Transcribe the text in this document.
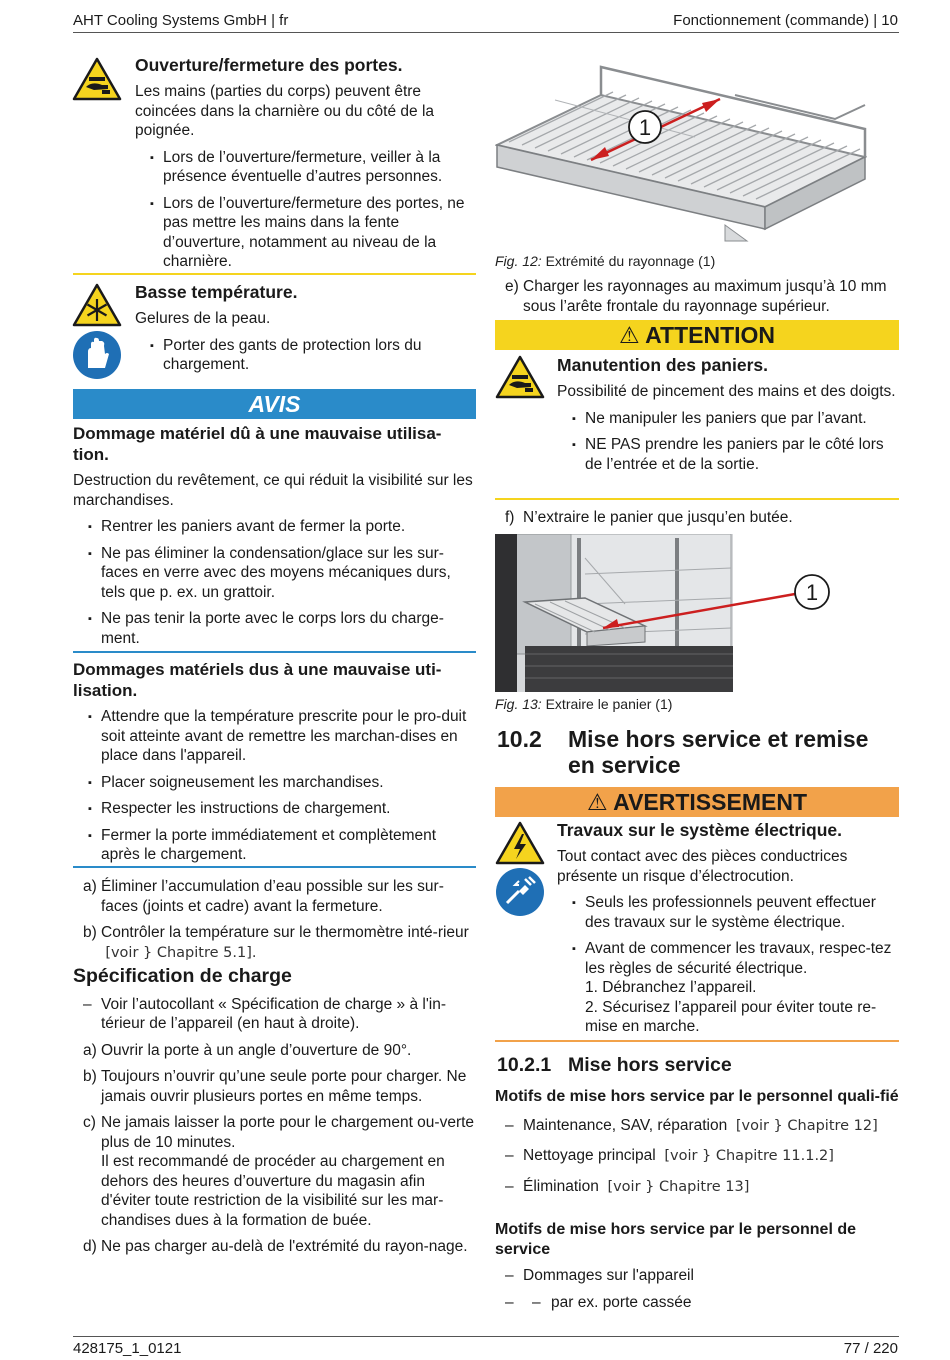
AHT Cooling Systems GmbH | fr	Fonctionnement (commande) | 10
Ouverture/fermeture des portes.

Les mains (parties du corps) peuvent être coincées dans la charnière ou du côté de la poignée.

▪ Lors de l’ouverture/fermeture, veiller à la présence éventuelle d’autres personnes.

▪ Lors de l’ouverture/fermeture des portes, ne pas mettre les mains dans la fente d’ouverture, notamment au niveau de la charnière.

Basse température.

Gelures de la peau.

▪ Porter des gants de protection lors du chargement.

AVIS
Dommage matériel dû à une mauvaise utilisa-tion.

Destruction du revêtement, ce qui réduit la visibilité sur les marchandises.

▪ Rentrer les paniers avant de fermer la porte.

▪ Ne pas éliminer la condensation/glace sur les sur-faces en verre avec des moyens mécaniques durs, tels que p. ex. un grattoir.

▪ Ne pas tenir la porte avec le corps lors du charge-ment.

Dommages matériels dus à une mauvaise uti-lisation.

▪ Attendre que la température prescrite pour le pro-duit soit atteinte avant de remettre les marchan-dises en place dans l'appareil.

▪ Placer soigneusement les marchandises.

▪ Respecter les instructions de chargement.

▪ Fermer la porte immédiatement et complètement après le chargement.

a) Éliminer l’accumulation d’eau possible sur les sur-faces (joints et cadre) avant la fermeture.

b) Contrôler la température sur le thermomètre inté-rieur  [voir } Chapitre 5.1].

Spécification de charge

– Voir l’autocollant « Spécification de charge » à l'in-térieur de l’appareil (en haut à droite).

a) Ouvrir la porte à un angle d’ouverture de 90°.

b) Toujours n’ouvrir qu’une seule porte pour charger. Ne jamais ouvrir plusieurs portes en même temps.

c) Ne jamais laisser la porte pour le chargement ou-verte plus de 10 minutes.
Il est recommandé de procéder au chargement en dehors des heures d’ouverture du magasin afin d'éviter toute restriction de la visibilité sur les mar-chandises dues à la formation de buée.

d) Ne pas charger au-delà de l'extrémité du rayon-nage.

1
Fig. 12: Extrémité du rayonnage (1)

e) Charger les rayonnages au maximum jusqu’à 10 mm sous l’arête frontale du rayonnage supérieur.

⚠ ATTENTION
Manutention des paniers.

Possibilité de pincement des mains et des doigts.

▪ Ne manipuler les paniers que par l’avant.

▪ NE PAS prendre les paniers par le côté lors de l’entrée et de la sortie.

f) N’extraire le panier que jusqu’en butée.

1
Fig. 13: Extraire le panier (1)
10.2 Mise hors service et remise en service
⚠ AVERTISSEMENT
Travaux sur le système électrique.

Tout contact avec des pièces conductrices présente un risque d’électrocution.

▪ Seuls les professionnels peuvent effectuer des travaux sur le système électrique.

▪ Avant de commencer les travaux, respec-tez les règles de sécurité électrique.
1. Débranchez l’appareil.
2. Sécurisez l’appareil pour éviter toute re-mise en marche.

10.2.1 Mise hors service
Motifs de mise hors service par le personnel quali-fié

– Maintenance, SAV, réparation [voir } Chapitre 12]

– Nettoyage principal [voir } Chapitre 11.1.2]

– Élimination [voir } Chapitre 13]

Motifs de mise hors service par le personnel de service

– Dommages sur l'appareil

– – par ex. porte cassée

428175_1_0121	77 / 220
